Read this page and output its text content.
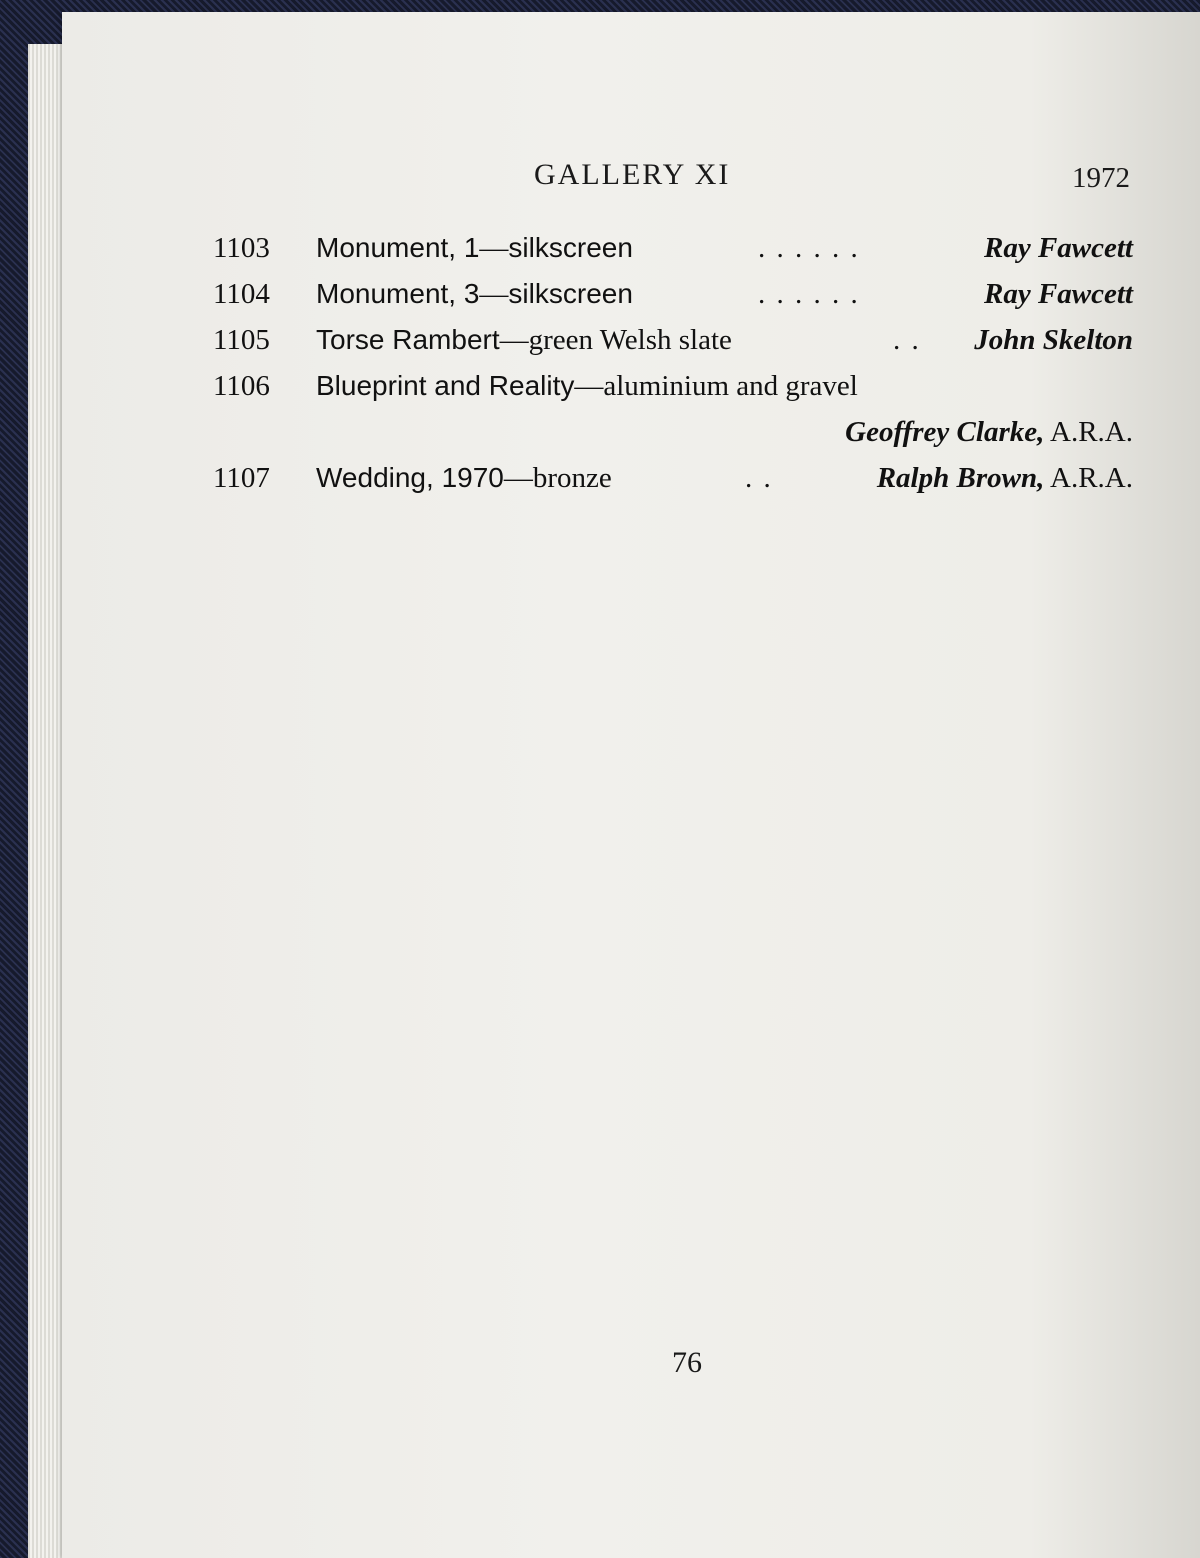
GALLERY XI	1972
1103 Monument, 1—silkscreen	. . . . . .	Ray Fawcett
1104 Monument, 3—silkscreen	. . . . . .	Ray Fawcett
1105 Torse Rambert—green Welsh slate	. . John Skelton
1106 Blueprint and Reality—aluminium and gravel
Geoffrey Clarke, A.R.A.
1107 Wedding, 1970—bronze	. .	Ralph Brown, A.R.A.
76
